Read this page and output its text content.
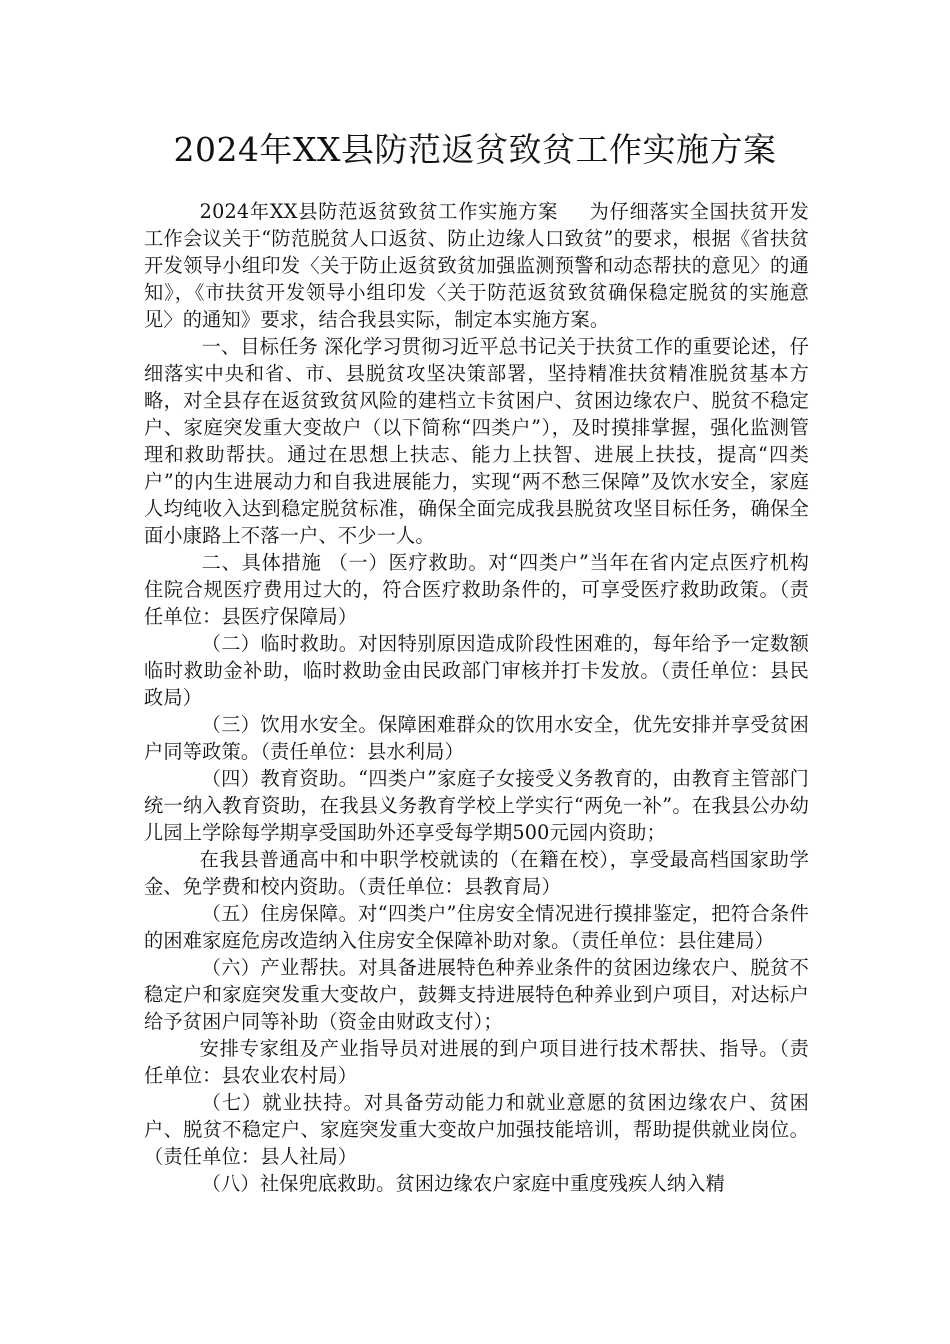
2024年XX县防范返贫致贫工作实施方案

2024年XX县防范返贫致贫工作实施方案 为仔细落实全国扶贫开发工作会议关于“防范脱贫人口返贫、防止边缘人口致贫”的要求，根据《省扶贫开发领导小组印发〈关于防止返贫致贫加强监测预警和动态帮扶的意见〉的通知》，《市扶贫开发领导小组印发〈关于防范返贫致贫确保稳定脱贫的实施意见〉的通知》要求，结合我县实际，制定本实施方案。

一、目标任务 深化学习贯彻习近平总书记关于扶贫工作的重要论述，仔细落实中央和省、市、县脱贫攻坚决策部署，坚持精准扶贫精准脱贫基本方略，对全县存在返贫致贫风险的建档立卡贫困户、贫困边缘农户、脱贫不稳定户、家庭突发重大变故户（以下简称“四类户”），及时摸排掌握，强化监测管理和救助帮扶。通过在思想上扶志、能力上扶智、进展上扶技，提高“四类户”的内生进展动力和自我进展能力，实现“两不愁三保障”及饮水安全，家庭人均纯收入达到稳定脱贫标准，确保全面完成我县脱贫攻坚目标任务，确保全面小康路上不落一户、不少一人。

二、具体措施 （一）医疗救助。对“四类户”当年在省内定点医疗机构住院合规医疗费用过大的，符合医疗救助条件的，可享受医疗救助政策。（责任单位：县医疗保障局）

（二）临时救助。对因特别原因造成阶段性困难的，每年给予一定数额临时救助金补助，临时救助金由民政部门审核并打卡发放。（责任单位：县民政局）

（三）饮用水安全。保障困难群众的饮用水安全，优先安排并享受贫困户同等政策。（责任单位：县水利局）

（四）教育资助。“四类户”家庭子女接受义务教育的，由教育主管部门统一纳入教育资助，在我县义务教育学校上学实行“两免一补”。在我县公办幼儿园上学除每学期享受国助外还享受每学期500元园内资助；

在我县普通高中和中职学校就读的（在籍在校），享受最高档国家助学金、免学费和校内资助。（责任单位：县教育局）

（五）住房保障。对“四类户”住房安全情况进行摸排鉴定，把符合条件的困难家庭危房改造纳入住房安全保障补助对象。（责任单位：县住建局）

（六）产业帮扶。对具备进展特色种养业条件的贫困边缘农户、脱贫不稳定户和家庭突发重大变故户，鼓舞支持进展特色种养业到户项目，对达标户给予贫困户同等补助（资金由财政支付）；

安排专家组及产业指导员对进展的到户项目进行技术帮扶、指导。（责任单位：县农业农村局）

（七）就业扶持。对具备劳动能力和就业意愿的贫困边缘农户、贫困户、脱贫不稳定户、家庭突发重大变故户加强技能培训，帮助提供就业岗位。（责任单位：县人社局）

（八）社保兜底救助。贫困边缘农户家庭中重度残疾人纳入精
